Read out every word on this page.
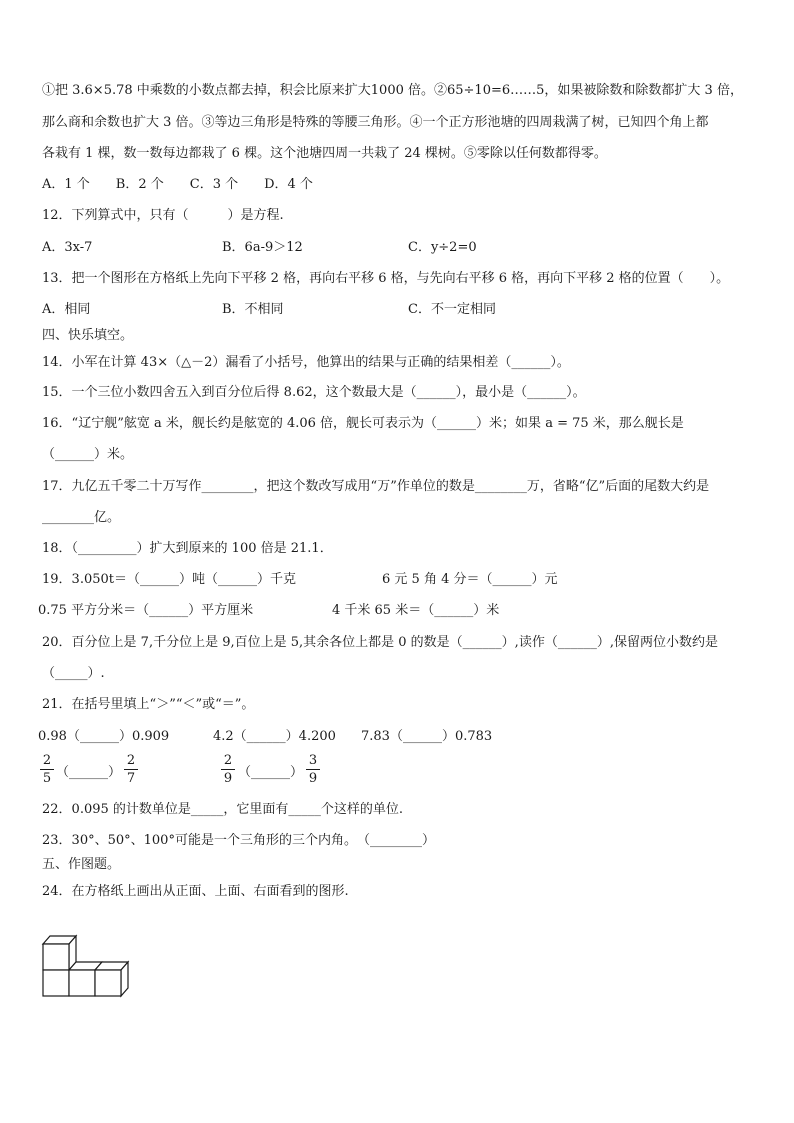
①把 3.6×5.78 中乘数的小数点都去掉，积会比原来扩大1000 倍。②65÷10=6……5，如果被除数和除数都扩大 3 倍，
那么商和余数也扩大 3 倍。③等边三角形是特殊的等腰三角形。④一个正方形池塘的四周栽满了树，已知四个角上都
各栽有 1 棵，数一数每边都栽了 6 棵。这个池塘四周一共栽了 24 棵树。⑤零除以任何数都得零。
A．1 个　　B．2 个　　C．3 个　　D．4 个
12．下列算式中，只有（　　　）是方程.
A．3x-7	B．6a-9＞12	C．y÷2=0
13．把一个图形在方格纸上先向下平移 2 格，再向右平移 6 格，与先向右平移 6 格，再向下平移 2 格的位置（　　）。
A．相同	B．不相同	C．不一定相同
四、快乐填空。
14．小军在计算 43×（△－2）漏看了小括号，他算出的结果与正确的结果相差（______）。
15．一个三位小数四舍五入到百分位后得 8.62，这个数最大是（______），最小是（______）。
16．“辽宁舰”舷宽 a 米，舰长约是舷宽的 4.06 倍，舰长可表示为（______）米；如果 a = 75 米，那么舰长是
（______）米。
17．九亿五千零二十万写作________，把这个数改写成用“万”作单位的数是________万，省略“亿”后面的尾数大约是
________亿。
18．（_________）扩大到原来的 100 倍是 21.1．
19．3.050t＝（______）吨（______）千克	6 元 5 角 4 分＝（______）元
0.75 平方分米＝（______）平方厘米	4 千米 65 米＝（______）米
20．百分位上是 7,千分位上是 9,百位上是 5,其余各位上都是 0 的数是（______）,读作（______）,保留两位小数约是
（_____）.
21．在括号里填上“＞”“＜”或“＝”。
0.98（______）0.909	4.2（______）4.200 7.83（______）0.783
2
5 （______）
2
7
2
9 （______）
3
9
22．0.095 的计数单位是_____，它里面有_____个这样的单位.
23．30°、50°、100°可能是一个三角形的三个内角。　（________）
五、作图题。
24．在方格纸上画出从正面、上面、右面看到的图形.
